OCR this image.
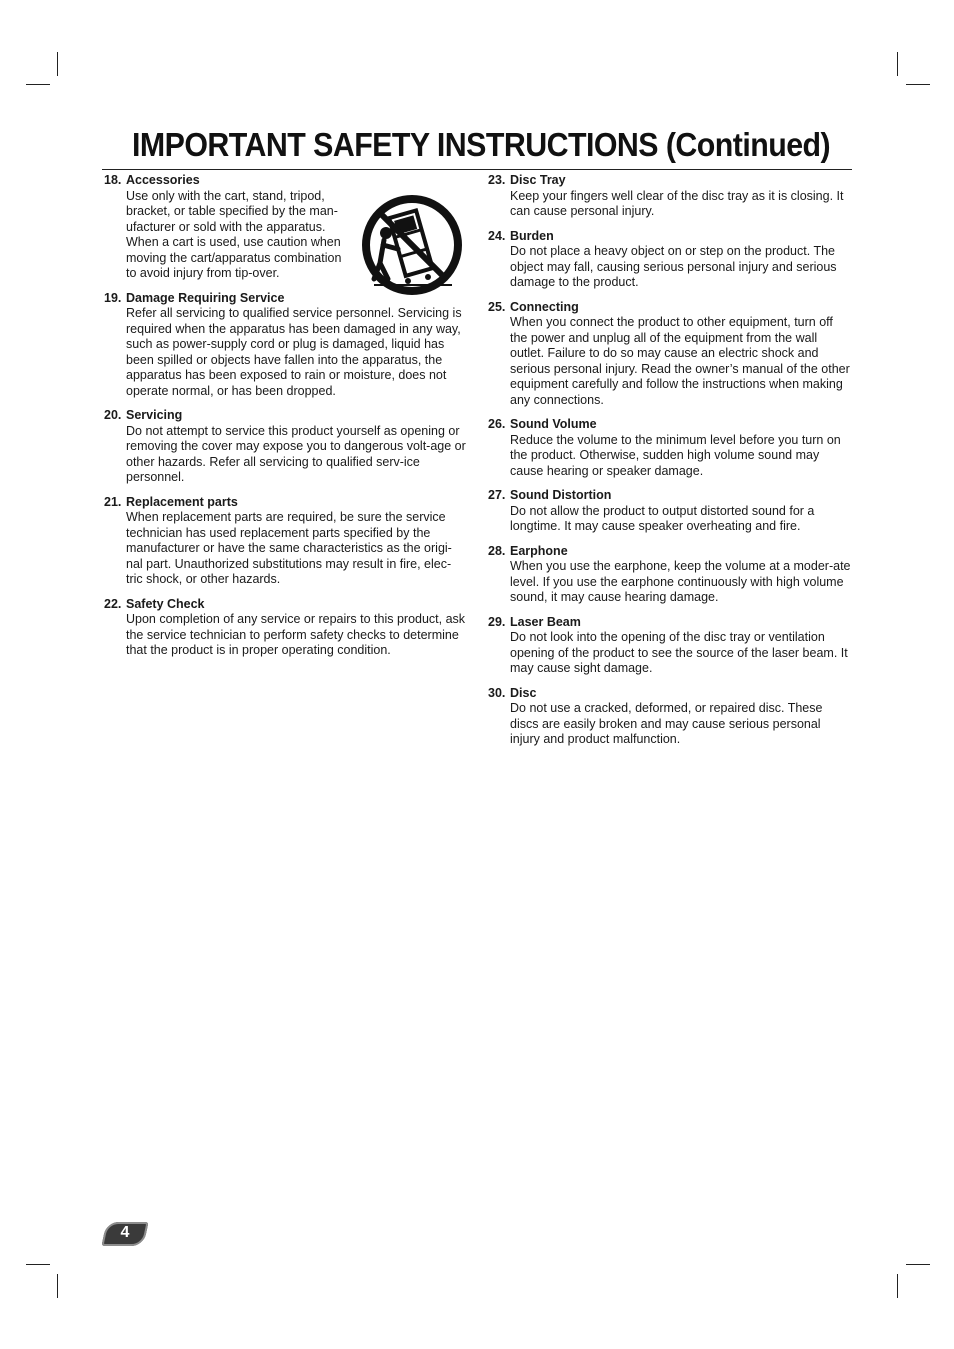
IMPORTANT SAFETY INSTRUCTIONS (Continued)
18. Accessories

Use only with the cart, stand, tripod, bracket, or table specified by the man-ufacturer or sold with the apparatus. When a cart is used, use caution when moving the cart/apparatus combination to avoid injury from tip-over.

19. Damage Requiring Service

Refer all servicing to qualified service personnel. Servicing is required when the apparatus has been damaged in any way, such as power-supply cord or plug is damaged, liquid has been spilled or objects have fallen into the apparatus, the apparatus has been exposed to rain or moisture, does not operate normal, or has been dropped.

20. Servicing

Do not attempt to service this product yourself as opening or removing the cover may expose you to dangerous volt-age or other hazards. Refer all servicing to qualified serv-ice personnel.

21. Replacement parts

When replacement parts are required, be sure the service technician has used replacement parts specified by the manufacturer or have the same characteristics as the origi-nal part. Unauthorized substitutions may result in fire, elec-tric shock, or other hazards.

22. Safety Check

Upon completion of any service or repairs to this product, ask the service technician to perform safety checks to determine that the product is in proper operating condition.

23. Disc Tray

Keep your fingers well clear of the disc tray as it is closing. It can cause personal injury.

24. Burden

Do not place a heavy object on or step on the product. The object may fall, causing serious personal injury and serious damage to the product.

25. Connecting

When you connect the product to other equipment, turn off the power and unplug all of the equipment from the wall outlet. Failure to do so may cause an electric shock and serious personal injury. Read the owner’s manual of the other equipment carefully and follow the instructions when making any connections.

26. Sound Volume

Reduce the volume to the minimum level before you turn on the product. Otherwise, sudden high volume sound may cause hearing or speaker damage.

27. Sound Distortion

Do not allow the product to output distorted sound for a longtime. It may cause speaker overheating and fire.

28. Earphone

When you use the earphone, keep the volume at a moder-ate level. If you use the earphone continuously with high volume sound, it may cause hearing damage.

29. Laser Beam

Do not look into the opening of the disc tray or ventilation opening of the product to see the source of the laser beam. It may cause sight damage.

30. Disc

Do not use a cracked, deformed, or repaired disc. These discs are easily broken and may cause serious personal injury and product malfunction.

4
